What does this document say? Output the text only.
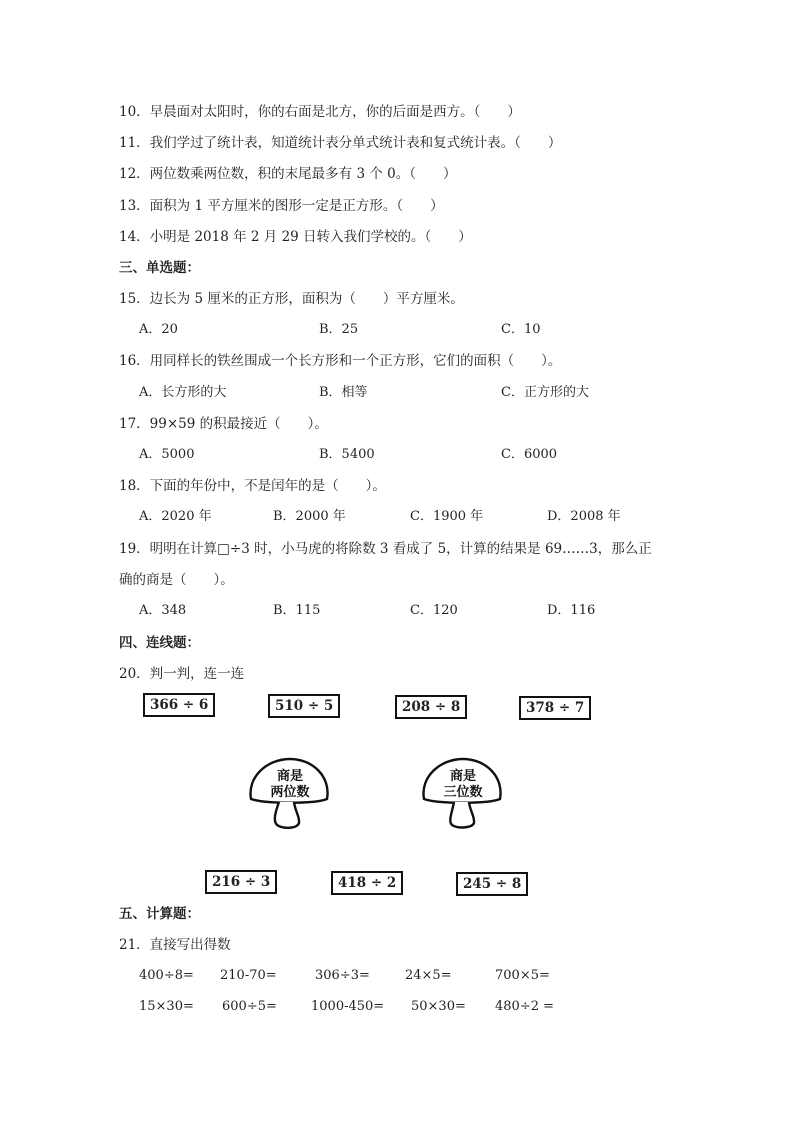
10．早晨面对太阳时，你的右面是北方，你的后面是西方。（　　）
11．我们学过了统计表，知道统计表分单式统计表和复式统计表。（　　）
12．两位数乘两位数，积的末尾最多有 3 个 0。（　　）
13．面积为 1 平方厘米的图形一定是正方形。（　　）
14．小明是 2018 年 2 月 29 日转入我们学校的。（　　）
三、单选题：
15．边长为 5 厘米的正方形，面积为（　　）平方厘米。
A．20	B．25	C．10
16．用同样长的铁丝围成一个长方形和一个正方形，它们的面积（　　）。
A．长方形的大	B．相等	C．正方形的大
17．99×59 的积最接近（　　）。
A．5000	B．5400	C．6000
18．下面的年份中，不是闰年的是（　　）。
A．2020 年	B．2000 年	C．1900 年	D．2008 年
19．明明在计算□÷3 时，小马虎的将除数 3 看成了 5，计算的结果是 69……3，那么正
确的商是（　　）。
A．348	B．115	C．120	D．116
四、连线题：
20．判一判，连一连
366 ÷ 6	510 ÷ 5	208 ÷ 8	378 ÷ 7
商是
两位数
商是
三位数
216 ÷ 3	418 ÷ 2	245 ÷ 8
五、计算题：
21．直接写出得数
400÷8= 210-70=	306÷3=	24×5=	700×5=
15×30= 600÷5=	1000-450= 50×30= 480÷2 =
